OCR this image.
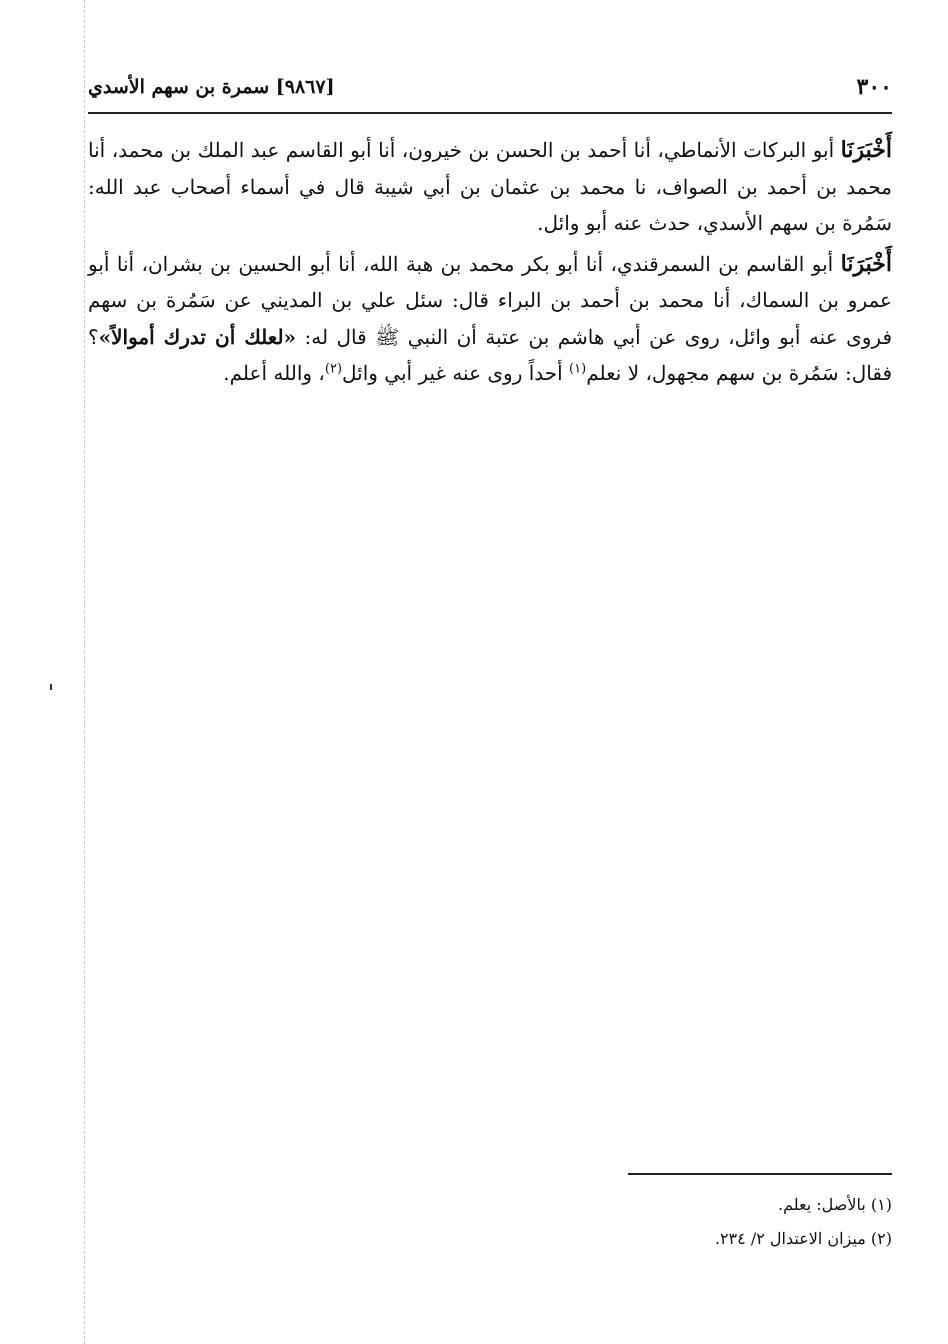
٣٠٠
[٩٨٦٧] سمرة بن سهم الأسدي

أَخْبَرَنَا أبو البركات الأنماطي، أنا أحمد بن الحسن بن خيرون، أنا أبو القاسم عبد الملك بن محمد، أنا محمد بن أحمد بن الصواف، نا محمد بن عثمان بن أبي شيبة قال في أسماء أصحاب عبد الله: سَمُرة بن سهم الأسدي، حدث عنه أبو وائل.

أَخْبَرَنَا أبو القاسم بن السمرقندي، أنا أبو بكر محمد بن هبة الله، أنا أبو الحسين بن بشران، أنا أبو عمرو بن السماك، أنا محمد بن أحمد بن البراء قال: سئل علي بن المديني عن سَمُرة بن سهم فروى عنه أبو وائل، روى عن أبي هاشم بن عتبة أن النبي ﷺ قال له: «لعلك أن تدرك أموالاً»؟ فقال: سَمُرة بن سهم مجهول، لا نعلم$^{(١)}$ أحداً روى عنه غير أبي وائل$^{(٢)}$، والله أعلم.

(١) بالأصل: يعلم.
(٢) ميزان الاعتدال ٢/ ٢٣٤.
